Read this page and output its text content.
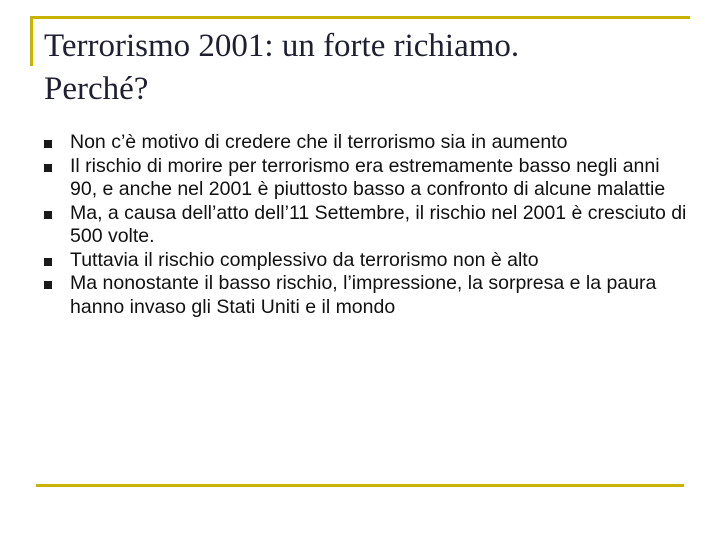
Terrorismo 2001: un forte richiamo.
Perché?
Non c’è motivo di credere che il terrorismo sia in aumento
Il rischio di morire per terrorismo era estremamente basso negli anni 90, e anche nel 2001 è piuttosto basso a confronto di alcune malattie
Ma, a causa dell’atto dell’11 Settembre, il rischio nel 2001 è cresciuto di 500 volte.
Tuttavia il rischio complessivo da terrorismo non è alto
Ma nonostante il basso rischio, l’impressione, la sorpresa e la paura hanno invaso gli Stati Uniti e il mondo
